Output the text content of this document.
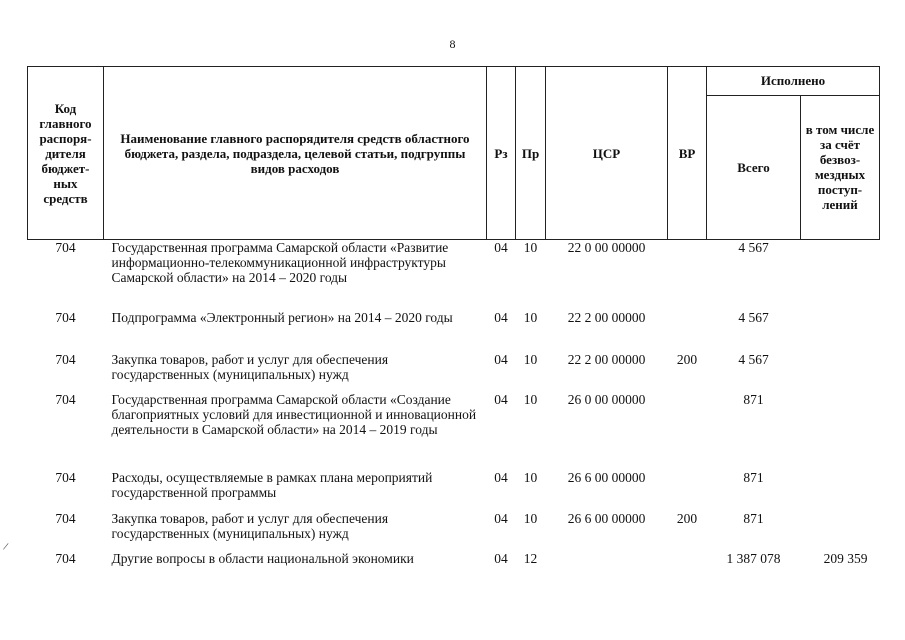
8
Код главного распоря-дителя бюджет-ных средств	Наименование главного распорядителя средств областного бюджета, раздела, подраздела, целевой статьи, подгруппы видов расходов	Рз	Пр	ЦСР	ВР	Исполнено	
						Всего	в том числе за счёт безвоз-мездных поступ-лений
704	Государственная программа Самарской области «Развитие информационно-телекоммуникационной инфраструктуры Самарской области» на 2014 – 2020 годы	04	10	22 0 00 00000		4 567	
704	Подпрограмма «Электронный регион» на 2014 – 2020 годы	04	10	22 2 00 00000		4 567	
704	Закупка товаров, работ и услуг для обеспечения государственных (муниципальных) нужд	04	10	22 2 00 00000	200	4 567	
704	Государственная программа Самарской области «Создание благоприятных условий для инвестиционной и инновационной деятельности в Самарской области» на 2014 – 2019 годы	04	10	26 0 00 00000		871	
704	Расходы, осуществляемые в рамках плана мероприятий государственной программы	04	10	26 6 00 00000		871	
704	Закупка товаров, работ и услуг для обеспечения государственных (муниципальных) нужд	04	10	26 6 00 00000	200	871	
704	Другие вопросы в области национальной экономики	04	12			1 387 078	209 359
/
